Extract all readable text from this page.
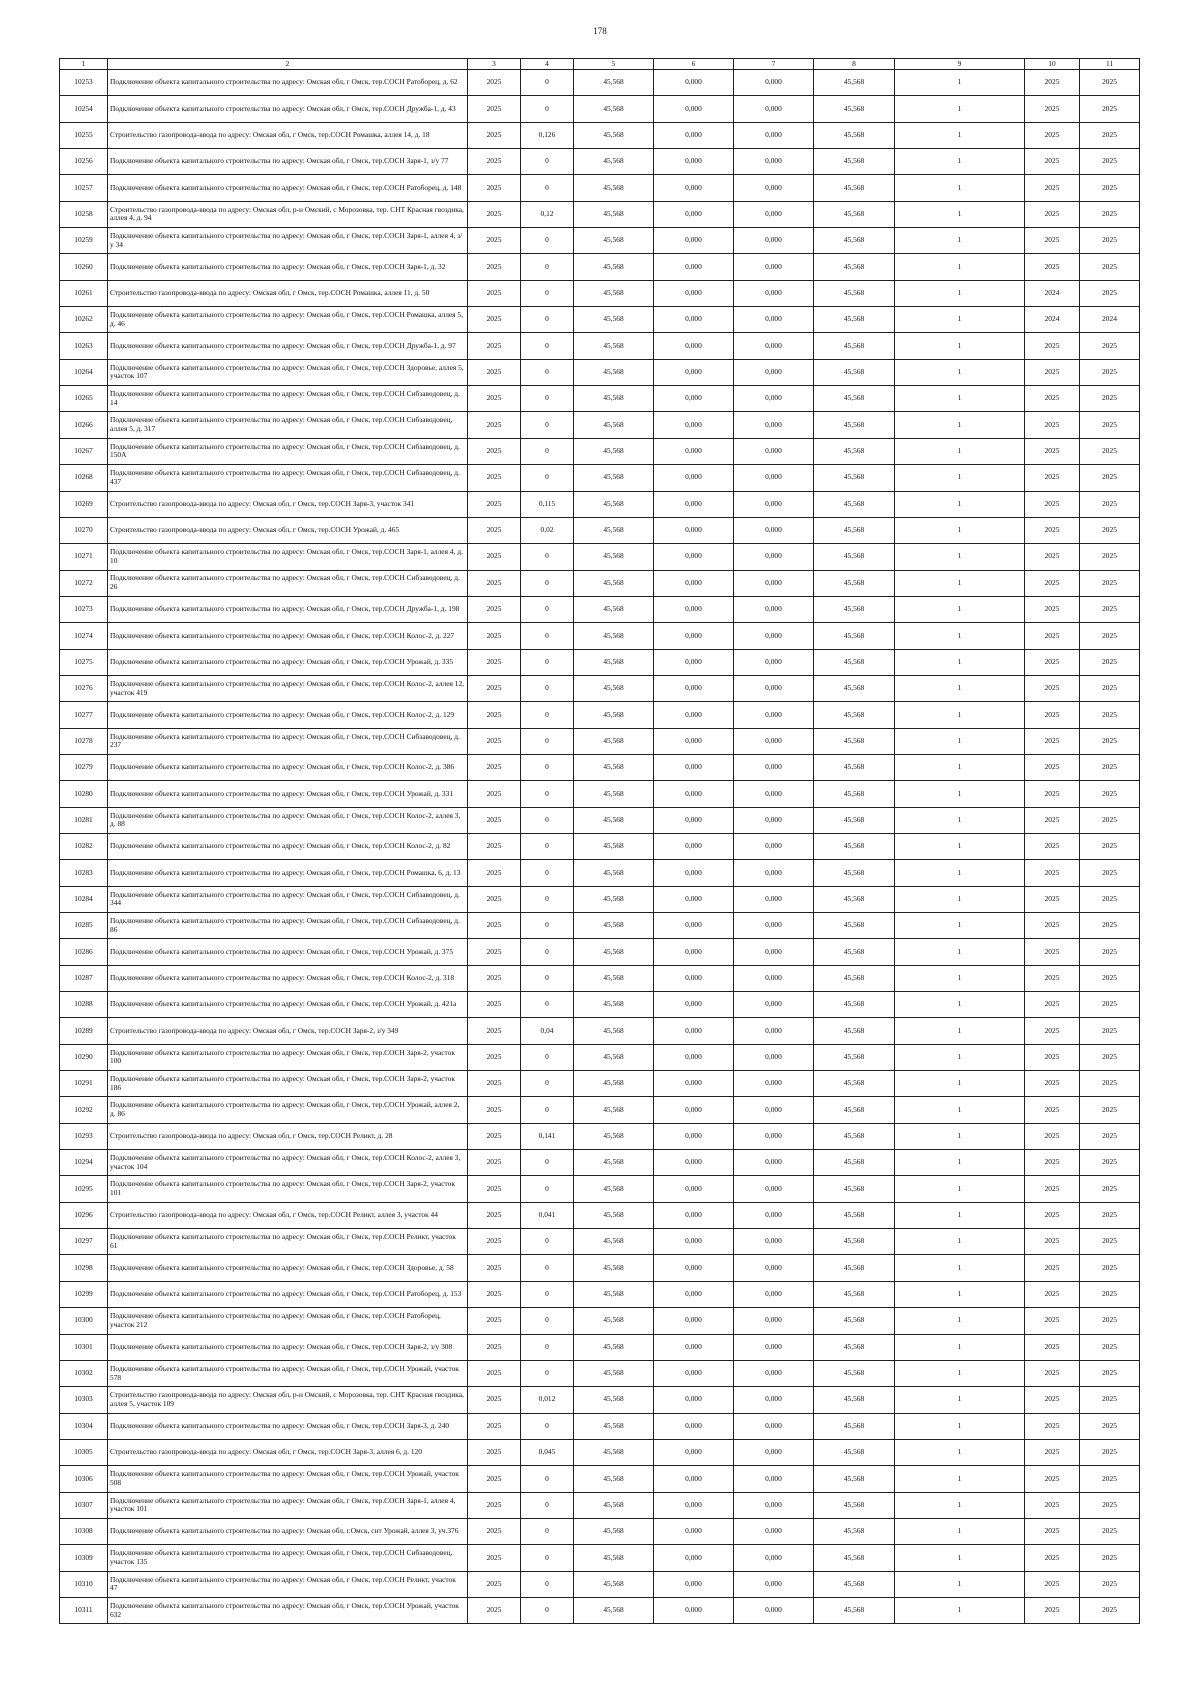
178
1	2	3	4	5	6	7	8	9	10	11
10253	Подключение объекта капитального строительства по адресу: Омская обл, г Омск, тер.СОСН Ратоборец, д. 62	2025	0	45,568	0,000	0,000	45,568	1	2025	2025
10254	Подключение объекта капитального строительства по адресу: Омская обл, г Омск, тер.СОСН Дружба-1, д. 43	2025	0	45,568	0,000	0,000	45,568	1	2025	2025
10255	Строительство газопровода-ввода по адресу: Омская обл, г Омск, тер.СОСН Ромашка, аллея 14, д. 18	2025	0,126	45,568	0,000	0,000	45,568	1	2025	2025
10256	Подключение объекта капитального строительства по адресу: Омская обл, г Омск, тер.СОСН Заря-1, з/у 77	2025	0	45,568	0,000	0,000	45,568	1	2025	2025
10257	Подключение объекта капитального строительства по адресу: Омская обл, г Омск, тер.СОСН Ратоборец, д. 148	2025	0	45,568	0,000	0,000	45,568	1	2025	2025
10258	Строительство газопровода-ввода по адресу: Омская обл, р-н Омский, с Морозовка, тер. СНТ Красная гвоздика, аллея 4, д. 94	2025	0,12	45,568	0,000	0,000	45,568	1	2025	2025
10259	Подключение объекта капитального строительства по адресу: Омская обл, г Омск, тер.СОСН Заря-1, аллея 4, з/у 34	2025	0	45,568	0,000	0,000	45,568	1	2025	2025
10260	Подключение объекта капитального строительства по адресу: Омская обл, г Омск, тер.СОСН Заря-1, д. 32	2025	0	45,568	0,000	0,000	45,568	1	2025	2025
10261	Строительство газопровода-ввода по адресу: Омская обл, г Омск, тер.СОСН Ромашка, аллея 11, д. 50	2025	0	45,568	0,000	0,000	45,568	1	2024	2025
10262	Подключение объекта капитального строительства по адресу: Омская обл, г Омск, тер.СОСН Ромашка, аллея 5, д. 46	2025	0	45,568	0,000	0,000	45,568	1	2024	2024
10263	Подключение объекта капитального строительства по адресу: Омская обл, г Омск, тер.СОСН Дружба-1, д. 97	2025	0	45,568	0,000	0,000	45,568	1	2025	2025
10264	Подключение объекта капитального строительства по адресу: Омская обл, г Омск, тер.СОСН Здоровье, аллея 5, участок 107	2025	0	45,568	0,000	0,000	45,568	1	2025	2025
10265	Подключение объекта капитального строительства по адресу: Омская обл, г Омск, тер.СОСН Сибзаводовец, д. 14	2025	0	45,568	0,000	0,000	45,568	1	2025	2025
10266	Подключение объекта капитального строительства по адресу: Омская обл, г Омск, тер.СОСН Сибзаводовец, аллея 5, д. 317	2025	0	45,568	0,000	0,000	45,568	1	2025	2025
10267	Подключение объекта капитального строительства по адресу: Омская обл, г Омск, тер.СОСН Сибзаводовец, д. 150А	2025	0	45,568	0,000	0,000	45,568	1	2025	2025
10268	Подключение объекта капитального строительства по адресу: Омская обл, г Омск, тер.СОСН Сибзаводовец, д. 437	2025	0	45,568	0,000	0,000	45,568	1	2025	2025
10269	Строительство газопровода-ввода по адресу: Омская обл, г Омск, тер.СОСН Заря-3, участок 341	2025	0,115	45,568	0,000	0,000	45,568	1	2025	2025
10270	Строительство газопровода-ввода по адресу: Омская обл, г Омск, тер.СОСН Урожай, д. 465	2025	0,02	45,568	0,000	0,000	45,568	1	2025	2025
10271	Подключение объекта капитального строительства по адресу: Омская обл, г Омск, тер.СОСН Заря-1, аллея 4, д. 10	2025	0	45,568	0,000	0,000	45,568	1	2025	2025
10272	Подключение объекта капитального строительства по адресу: Омская обл, г Омск, тер.СОСН Сибзаводовец, д. 26	2025	0	45,568	0,000	0,000	45,568	1	2025	2025
10273	Подключение объекта капитального строительства по адресу: Омская обл, г Омск, тер.СОСН Дружба-1, д. 198	2025	0	45,568	0,000	0,000	45,568	1	2025	2025
10274	Подключение объекта капитального строительства по адресу: Омская обл, г Омск, тер.СОСН Колос-2, д. 227	2025	0	45,568	0,000	0,000	45,568	1	2025	2025
10275	Подключение объекта капитального строительства по адресу: Омская обл, г Омск, тер.СОСН Урожай, д. 335	2025	0	45,568	0,000	0,000	45,568	1	2025	2025
10276	Подключение объекта капитального строительства по адресу: Омская обл, г Омск, тер.СОСН Колос-2, аллея 12, участок 419	2025	0	45,568	0,000	0,000	45,568	1	2025	2025
10277	Подключение объекта капитального строительства по адресу: Омская обл, г Омск, тер.СОСН Колос-2, д. 129	2025	0	45,568	0,000	0,000	45,568	1	2025	2025
10278	Подключение объекта капитального строительства по адресу: Омская обл, г Омск, тер.СОСН Сибзаводовец, д. 237	2025	0	45,568	0,000	0,000	45,568	1	2025	2025
10279	Подключение объекта капитального строительства по адресу: Омская обл, г Омск, тер.СОСН Колос-2, д. 386	2025	0	45,568	0,000	0,000	45,568	1	2025	2025
10280	Подключение объекта капитального строительства по адресу: Омская обл, г Омск, тер.СОСН Урожай, д. 331	2025	0	45,568	0,000	0,000	45,568	1	2025	2025
10281	Подключение объекта капитального строительства по адресу: Омская обл, г Омск, тер.СОСН Колос-2, аллея 3, д. 88	2025	0	45,568	0,000	0,000	45,568	1	2025	2025
10282	Подключение объекта капитального строительства по адресу: Омская обл, г Омск, тер.СОСН Колос-2, д. 82	2025	0	45,568	0,000	0,000	45,568	1	2025	2025
10283	Подключение объекта капитального строительства по адресу: Омская обл, г Омск, тер.СОСН Ромашка, 6, д. 13	2025	0	45,568	0,000	0,000	45,568	1	2025	2025
10284	Подключение объекта капитального строительства по адресу: Омская обл, г Омск, тер.СОСН Сибзаводовец, д. 344	2025	0	45,568	0,000	0,000	45,568	1	2025	2025
10285	Подключение объекта капитального строительства по адресу: Омская обл, г Омск, тер.СОСН Сибзаводовец, д. 86	2025	0	45,568	0,000	0,000	45,568	1	2025	2025
10286	Подключение объекта капитального строительства по адресу: Омская обл, г Омск, тер.СОСН Урожай, д. 375	2025	0	45,568	0,000	0,000	45,568	1	2025	2025
10287	Подключение объекта капитального строительства по адресу: Омская обл, г Омск, тер.СОСН Колос-2, д. 318	2025	0	45,568	0,000	0,000	45,568	1	2025	2025
10288	Подключение объекта капитального строительства по адресу: Омская обл, г Омск, тер.СОСН Урожай, д. 421а	2025	0	45,568	0,000	0,000	45,568	1	2025	2025
10289	Строительство газопровода-ввода по адресу: Омская обл, г Омск, тер.СОСН Заря-2, з/у 349	2025	0,04	45,568	0,000	0,000	45,568	1	2025	2025
10290	Подключение объекта капитального строительства по адресу: Омская обл, г Омск, тер.СОСН Заря-2, участок 100	2025	0	45,568	0,000	0,000	45,568	1	2025	2025
10291	Подключение объекта капитального строительства по адресу: Омская обл, г Омск, тер.СОСН Заря-2, участок 186	2025	0	45,568	0,000	0,000	45,568	1	2025	2025
10292	Подключение объекта капитального строительства по адресу: Омская обл, г Омск, тер.СОСН Урожай, аллея 2, д. 86	2025	0	45,568	0,000	0,000	45,568	1	2025	2025
10293	Строительство газопровода-ввода по адресу: Омская обл, г Омск, тер.СОСН Реликт, д. 28	2025	0,141	45,568	0,000	0,000	45,568	1	2025	2025
10294	Подключение объекта капитального строительства по адресу: Омская обл, г Омск, тер.СОСН Колос-2, аллея 3, участок 104	2025	0	45,568	0,000	0,000	45,568	1	2025	2025
10295	Подключение объекта капитального строительства по адресу: Омская обл, г Омск, тер.СОСН Заря-2, участок 101	2025	0	45,568	0,000	0,000	45,568	1	2025	2025
10296	Строительство газопровода-ввода по адресу: Омская обл, г Омск, тер.СОСН Реликт, аллея 3, участок 44	2025	0,041	45,568	0,000	0,000	45,568	1	2025	2025
10297	Подключение объекта капитального строительства по адресу: Омская обл, г Омск, тер.СОСН Реликт, участок 61	2025	0	45,568	0,000	0,000	45,568	1	2025	2025
10298	Подключение объекта капитального строительства по адресу: Омская обл, г Омск, тер.СОСН Здоровье, д. 58	2025	0	45,568	0,000	0,000	45,568	1	2025	2025
10299	Подключение объекта капитального строительства по адресу: Омская обл, г Омск, тер.СОСН Ратоборец, д. 153	2025	0	45,568	0,000	0,000	45,568	1	2025	2025
10300	Подключение объекта капитального строительства по адресу: Омская обл, г Омск, тер.СОСН Ратоборец, участок 212	2025	0	45,568	0,000	0,000	45,568	1	2025	2025
10301	Подключение объекта капитального строительства по адресу: Омская обл, г Омск, тер.СОСН Заря-2, з/у 308	2025	0	45,568	0,000	0,000	45,568	1	2025	2025
10302	Подключение объекта капитального строительства по адресу: Омская обл, г Омск, тер.СОСН Урожай, участок 578	2025	0	45,568	0,000	0,000	45,568	1	2025	2025
10303	Строительство газопровода-ввода по адресу: Омская обл, р-н Омский, с Морозовка, тер. СНТ Красная гвоздика, аллея 5, участок 109	2025	0,012	45,568	0,000	0,000	45,568	1	2025	2025
10304	Подключение объекта капитального строительства по адресу: Омская обл, г Омск, тер.СОСН Заря-3, д. 240	2025	0	45,568	0,000	0,000	45,568	1	2025	2025
10305	Строительство газопровода-ввода по адресу: Омская обл, г Омск, тер.СОСН Заря-3, аллея 6, д. 120	2025	0,045	45,568	0,000	0,000	45,568	1	2025	2025
10306	Подключение объекта капитального строительства по адресу: Омская обл, г Омск, тер.СОСН Урожай, участок 508	2025	0	45,568	0,000	0,000	45,568	1	2025	2025
10307	Подключение объекта капитального строительства по адресу: Омская обл, г Омск, тер.СОСН Заря-1, аллея 4, участок 101	2025	0	45,568	0,000	0,000	45,568	1	2025	2025
10308	Подключение объекта капитального строительства по адресу: Омская обл, г.Омск, снт Урожай, аллея 3, уч.376	2025	0	45,568	0,000	0,000	45,568	1	2025	2025
10309	Подключение объекта капитального строительства по адресу: Омская обл, г Омск, тер.СОСН Сибзаводовец, участок 135	2025	0	45,568	0,000	0,000	45,568	1	2025	2025
10310	Подключение объекта капитального строительства по адресу: Омская обл, г Омск, тер.СОСН Реликт, участок 47	2025	0	45,568	0,000	0,000	45,568	1	2025	2025
10311	Подключение объекта капитального строительства по адресу: Омская обл, г Омск, тер.СОСН Урожай, участок 632	2025	0	45,568	0,000	0,000	45,568	1	2025	2025
